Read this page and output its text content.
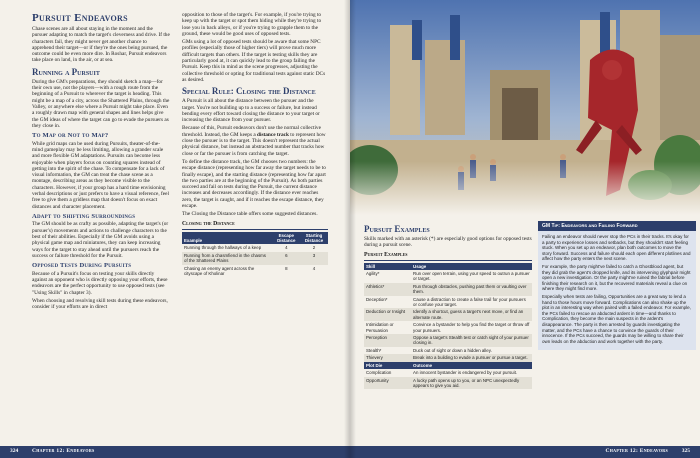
Pursuit Endeavors

Chase scenes are all about staying in the moment and the pursuer adapting to match the target's cleverness and drive. If the characters fail, they might never get another chance to apprehend their target—or if they're the ones being pursued, the outcome could be even more dire. In Roshar, Pursuit endeavors take place on land, in the air, or at sea.

Running a Pursuit

During the GM's preparations, they should sketch a map—for their own use, not the players—with a rough route from the beginning of a Pursuit to wherever the target is heading. This might be a map of a city, across the Shattered Plains, through the Valley, or anywhere else where a Pursuit might take place. Even a roughly drawn map with general shapes and lines helps give the GM ideas of where the target can go to evade the pursuers as they close in.

To Map or Not to Map?

While grid maps can be used during Pursuits, theater-of-the-mind gameplay may be less limiting, allowing a grander scale and more flexible GM adaptations. Pursuits can become less enjoyable when players focus on counting squares instead of getting into the spirit of the chase. To compensate for a lack of visual information, the GM can treat the chase scene as a montage, describing areas as they become visible to the characters. However, if your group has a hard time envisioning verbal descriptions or just prefers to have a visual reference, feel free to give them a gridless map that doesn't focus on exact distances and character placement.

Adapt to Shifting Surroundings

The GM should be as crafty as possible, adapting the target's (or pursuer's) movements and actions to challenge characters to the best of their abilities. Especially if the GM avoids using a physical game map and miniatures, they can keep increasing ways for the target to stay ahead until the pursuers reach the success or failure threshold for the Pursuit.

Opposed Tests During Pursuits

Because of a Pursuit's focus on testing your skills directly against an opponent who is directly opposing your efforts, these endeavors are the perfect opportunity to use opposed tests (see "Using Skills" in chapter 3).

When choosing and resolving skill tests during these endeavors, consider if your efforts are in direct

opposition to those of the target's. For example, if you're trying to keep up with the target or spot them hiding while they're trying to lose you in back alleys, or if you're trying to grapple them to the ground, these would be good uses of opposed tests.

GMs using a lot of opposed tests should be aware that some NPC profiles (especially those of higher tiers) will prove much more difficult targets than others. If the target is testing skills they are particularly good at, it can quickly lead to the group failing the Pursuit. Keep this in mind as the scene progresses, adjusting the collective threshold or opting for traditional tests against static DCs as desired.

Special Rule: Closing the Distance

A Pursuit is all about the distance between the pursuer and the target. You're not building up to a success or failure, but instead bending every effort toward closing the distance to your target or increasing the distance from your pursuer.

Because of this, Pursuit endeavors don't use the normal collective threshold. Instead, the GM keeps a distance track to represent how close the pursuer is to the target. This doesn't represent the actual physical distance, but instead an abstracted number that tracks how close or far the pursuer is from catching the target.

To define the distance track, the GM chooses two numbers: the escape distance (representing how far away the target needs to be to finally escape), and the starting distance (representing how far apart the two parties are at the beginning of the Pursuit). As both parties succeed and fail on tests during the Pursuit, the current distance increases and decreases accordingly. If the distance ever reaches zero, the target is caught, and if it reaches the escape distance, they escape.

The Closing the Distance table offers some suggested distances.

Closing the Distance
Example	Escape Distance	Starting Distance
Running through the hallways of a keep	4	2
Running from a chasmfiend in the chasms of the Shattered Plains	6	3
Chasing an enemy agent across the cityscape of Kholinar	8	4
324	Chapter 12: Endeavors
Pursuit Examples

Skills marked with an asterisk (*) are especially good options for opposed tests during a pursuit scene.

Pursuit Examples
Skill	Usage
Agility*	Run over open terrain, using your speed to outrun a pursuer or target.
Athletics*	Run through obstacles, pushing past them or vaulting over them.
Deception*	Cause a distraction to create a false trail for your pursuers or confuse your target.
Deduction or Insight	Identify a shortcut, guess a target's next move, or find an alternate route.
Intimidation or Persuasion	Convince a bystander to help you find the target or throw off your pursuers.
Perception	Oppose a target's Stealth test or catch sight of your pursuer closing in.
Stealth*	Duck out of sight or down a hidden alley.
Thievery	Break into a building to evade a pursuer or pursue a target.
Plot Die	Outcome
Complication	An innocent bystander is endangered by your pursuit.
Opportunity	A lucky path opens up to you, or an NPC unexpectedly appears to give you aid.
GM Tip: Endeavors and Failing Forward

Failing an endeavor should never stop the PCs in their tracks. It's okay for a party to experience losses and setbacks, but they shouldn't start feeling stuck. When you set up an endeavor, plan both outcomes to move the story forward. Success and failure should each open different plotlines and affect how the party enters the next scene.

For example, the party might've failed to catch a Ghostblood agent, but they did grab the agent's dropped knife, and its intervening glyphpair might open a new investigation. Or the party might've ruined the fabrial before finishing their research on it, but the recovered materials reveal a clue on where they might find more.

Especially when tests are failing, Opportunities are a great way to lend a hand to those hours move forward. Complications can also shake up the plot in an interesting way when paired with a failed endeavor. For example, the PCs failed to rescue an abducted ardent in time—and thanks to Complication, they become the main suspects in the ardent's disappearance. The party is then arrested by guards investigating the matter, and the PCs have a chance to convince the guards of their innocence. If the PCs succeed, the guards may be willing to share their own leads on the abduction and work together with the party.

Chapter 12: Endeavors	325
